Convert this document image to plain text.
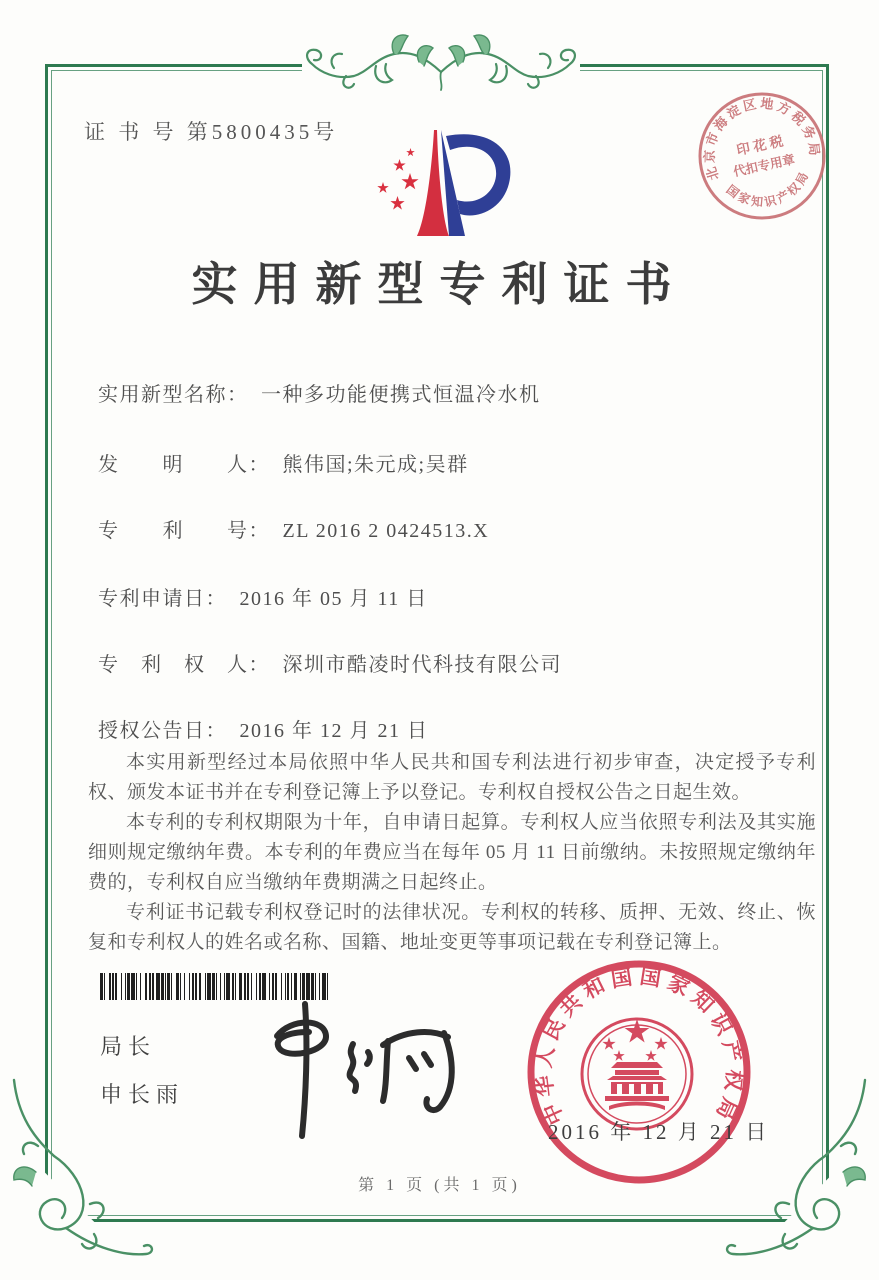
证 书 号 第5800435号
实用新型专利证书
实用新型名称： 一种多功能便携式恒温冷水机
发　　明　　人： 熊伟国;朱元成;吴群
专　　利　　号： ZL 2016 2 0424513.X
专利申请日： 2016 年 05 月 11 日
专　利　权　人： 深圳市酷凌时代科技有限公司
授权公告日： 2016 年 12 月 21 日

本实用新型经过本局依照中华人民共和国专利法进行初步审查，决定授予专利权、颁发本证书并在专利登记簿上予以登记。专利权自授权公告之日起生效。

本专利的专利权期限为十年，自申请日起算。专利权人应当依照专利法及其实施细则规定缴纳年费。本专利的年费应当在每年 05 月 11 日前缴纳。未按照规定缴纳年费的，专利权自应当缴纳年费期满之日起终止。

专利证书记载专利权登记时的法律状况。专利权的转移、质押、无效、终止、恢复和专利权人的姓名或名称、国籍、地址变更等事项记载在专利登记簿上。

局长
申长雨	中华人民共和国国家知识产权局
2016 年 12 月 21 日
第 1 页 (共 1 页)
北京市海淀区地方税务局
国家知识产权局
印 花 税
代扣专用章
